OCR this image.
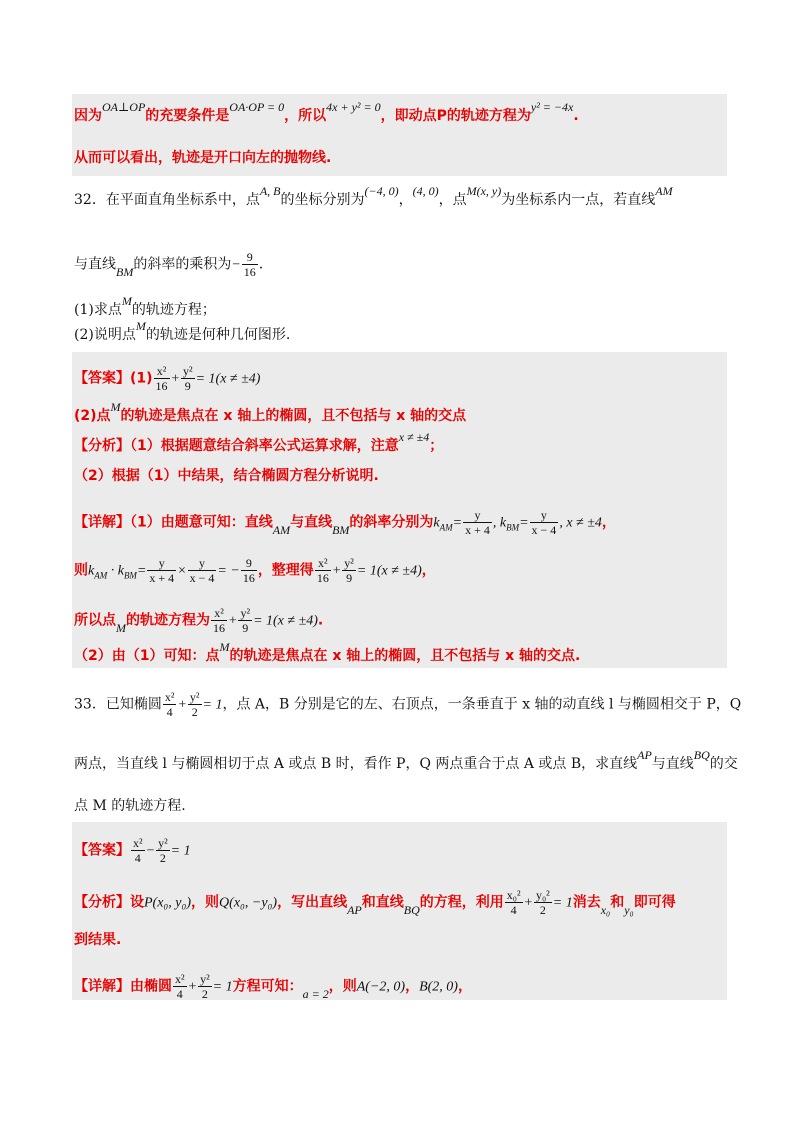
因为OA⊥OP的充要条件是OA·OP = 0，所以4x + y² = 0，即动点P的轨迹方程为y² = −4x.
从而可以看出，轨迹是开口向左的抛物线.
32．在平面直角坐标系中，点A, B的坐标分别为(−4, 0)，(4, 0)，点M(x, y)为坐标系内一点，若直线AM
与直线BM的斜率的乘积为− $\frac{9}{16}$ .
(1)求点M的轨迹方程；
(2)说明点M的轨迹是何种几何图形.
【答案】$(1) \frac{\text{x²}}{16} + \frac{\text{y²}}{9} = 1(x \ne \pm 4)$
(2)点M的轨迹是焦点在 x 轴上的椭圆，且不包括与 x 轴的交点
【分析】（1）根据题意结合斜率公式运算求解，注意x ≠ ±4；
（2）根据（1）中结果，结合椭圆方程分析说明.
【详解】（1）由题意可知：直线AM与直线BM的斜率分别为$k_{AM}= \frac{y}{x + 4}$ , $k_{BM}= \frac{y}{x - 4}$ , x ≠ ±4，
则$k_{AM} \cdot k_{BM}= \frac{y}{x + 4} \times \frac{y}{x - 4}$ = − $\frac{9}{16}$ ，整理得 $\frac{\text{x²}}{16} + \frac{\text{y²}}{9} = 1(x \ne \pm 4)$，
所以点M的轨迹方程为 $\frac{\text{x²}}{16} + \frac{\text{y²}}{9} = 1(x \ne \pm 4)$.
（2）由（1）可知：点M的轨迹是焦点在 x 轴上的椭圆，且不包括与 x 轴的交点.
33．已知椭圆 $\frac{\text{x²}}{4} + \frac{\text{y²}}{2} = 1$，点 A，B 分别是它的左、右顶点，一条垂直于 x 轴的动直线 l 与椭圆相交于 P，Q
两点，当直线 l 与椭圆相切于点 A 或点 B 时，看作 P，Q 两点重合于点 A 或点 B，求直线AP与直线BQ的交
点 M 的轨迹方程.
【答案】 $\frac{\text{x²}}{4} - \frac{\text{y²}}{2} = 1$
【分析】设P(x₀, y₀)，则Q(x₀, −y₀)，写出直线AP和直线BQ的方程，利用 $\frac{\text{x₀²}}{4} + \frac{\text{y₀²}}{2} = 1$消去x₀和y₀即可得
到结果.
【详解】由椭圆 $\frac{\text{x²}}{4} + \frac{\text{y²}}{2} = 1$方程可知：a = 2，则A(−2, 0)，B(2, 0)，
